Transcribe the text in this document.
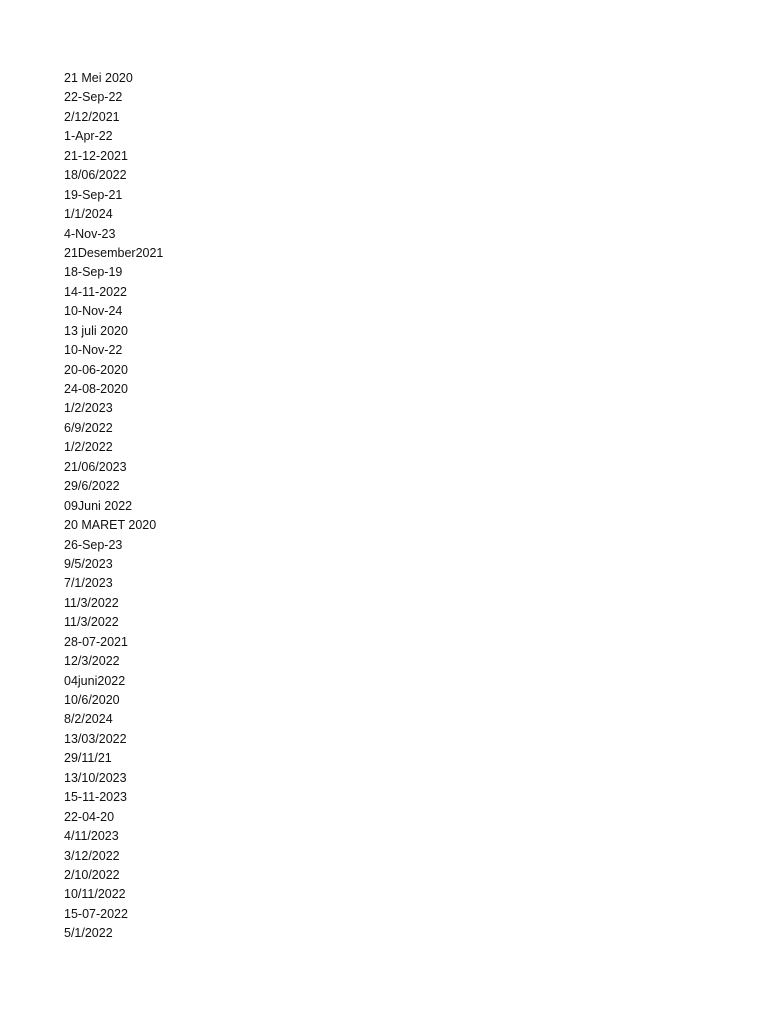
21 Mei 2020
22-Sep-22
2/12/2021
1-Apr-22
21-12-2021
18/06/2022
19-Sep-21
1/1/2024
4-Nov-23
21Desember2021
18-Sep-19
14-11-2022
10-Nov-24
13 juli 2020
10-Nov-22
20-06-2020
24-08-2020
1/2/2023
6/9/2022
1/2/2022
21/06/2023
29/6/2022
09Juni 2022
20 MARET 2020
26-Sep-23
9/5/2023
7/1/2023
11/3/2022
11/3/2022
28-07-2021
12/3/2022
04juni2022
10/6/2020
8/2/2024
13/03/2022
29/11/21
13/10/2023
15-11-2023
22-04-20
4/11/2023
3/12/2022
2/10/2022
10/11/2022
15-07-2022
5/1/2022
